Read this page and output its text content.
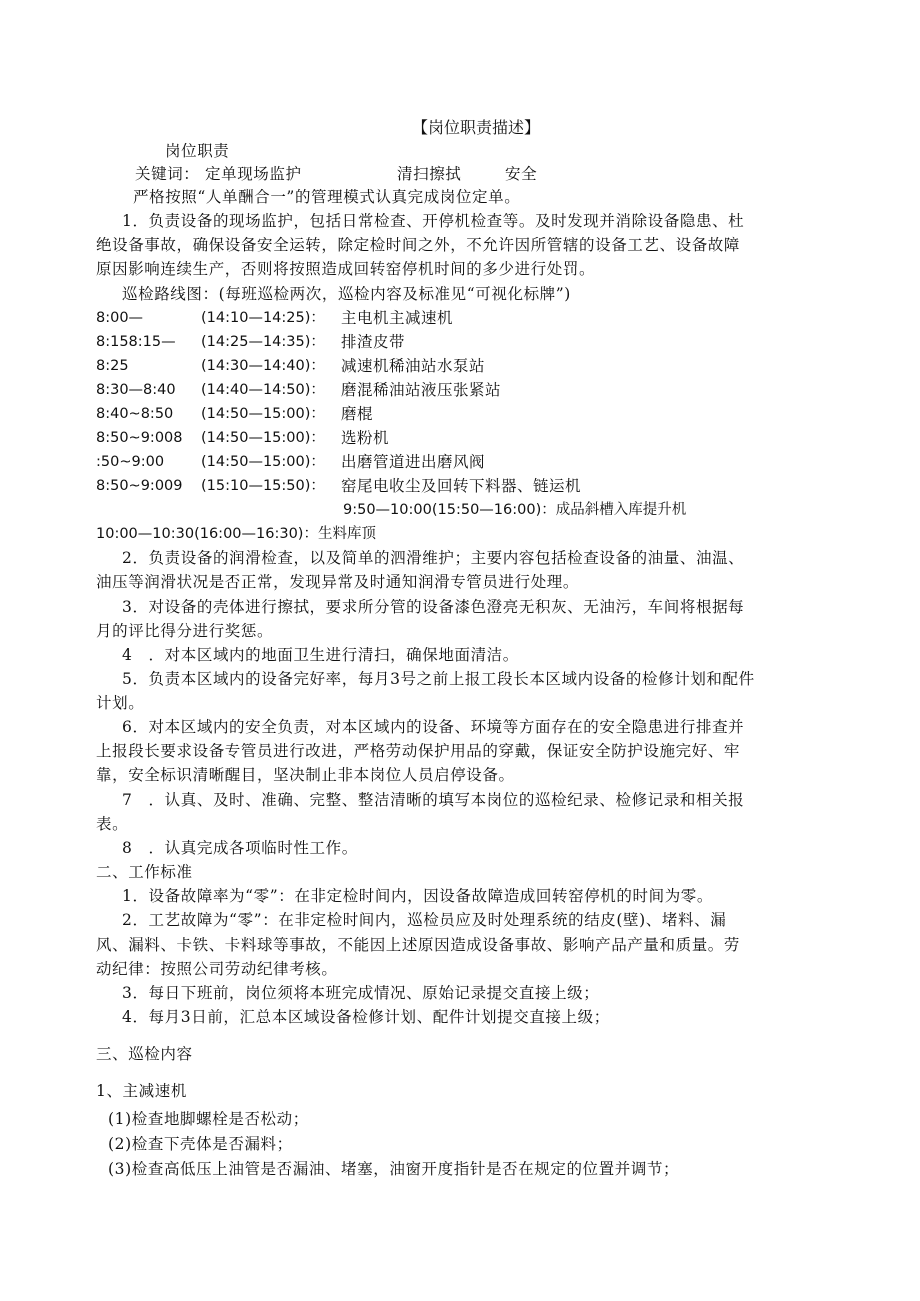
【岗位职责描述】
岗位职责
关键词： 定单现场监护	清扫擦拭	安全
严格按照“人单酬合一”的管理模式认真完成岗位定单。
1．负责设备的现场监护，包括日常检查、开停机检查等。及时发现并消除设备隐患、杜
绝设备事故，确保设备安全运转，除定检时间之外，不允许因所管辖的设备工艺、设备故障
原因影响连续生产，否则将按照造成回转窑停机时间的多少进行处罚。
巡检路线图：(每班巡检两次，巡检内容及标准见“可视化标牌”)
8:00—	(14:10—14:25)： 主电机主减速机
8:158:15— (14:25—14:35)： 排渣皮带
8:25	(14:30—14:40)： 减速机稀油站水泵站
8:30—8:40 (14:40—14:50)： 磨混稀油站液压张紧站
8:40~8:50 (14:50—15:00)： 磨棍
8:50~9:008 (14:50—15:00)： 选粉机
:50~9:00	(14:50—15:00)： 出磨管道进出磨风阀
8:50~9:009 (15:10—15:50)： 窑尾电收尘及回转下料器、链运机
9:50—10:00(15:50—16:00)：成品斜槽入库提升机
10:00—10:30(16:00—16:30)：生料库顶
2．负责设备的润滑检查，以及简单的泗滑维护；主要内容包括检查设备的油量、油温、
油压等润滑状况是否正常，发现异常及时通知润滑专管员进行处理。
3．对设备的壳体进行擦拭，要求所分管的设备漆色澄亮无积灰、无油污，车间将根据每
月的评比得分进行奖惩。
4　．对本区域内的地面卫生进行清扫，确保地面清洁。
5．负责本区域内的设备完好率，每月3号之前上报工段长本区域内设备的检修计划和配件
计划。
6．对本区域内的安全负责，对本区域内的设备、环境等方面存在的安全隐患进行排查并
上报段长要求设备专管员进行改进，严格劳动保护用品的穿戴，保证安全防护设施完好、牢
靠，安全标识清晰醒目，坚决制止非本岗位人员启停设备。
7　．认真、及时、准确、完整、整洁清晰的填写本岗位的巡检纪录、检修记录和相关报
表。
8　．认真完成各项临时性工作。
二、工作标准
1．设备故障率为“零”：在非定检时间内，因设备故障造成回转窑停机的时间为零。
2．工艺故障为“零”：在非定检时间内，巡检员应及时处理系统的结皮(壁)、堵料、漏
风、漏料、卡铁、卡料球等事故，不能因上述原因造成设备事故、影响产品产量和质量。劳
动纪律：按照公司劳动纪律考核。
3．每日下班前，岗位须将本班完成情况、原始记录提交直接上级；
4．每月3日前，汇总本区域设备检修计划、配件计划提交直接上级；
三、巡检内容
1、主减速机
(1)检查地脚螺栓是否松动；
(2)检查下壳体是否漏料；
(3)检查高低压上油管是否漏油、堵塞，油窗开度指针是否在规定的位置并调节；
